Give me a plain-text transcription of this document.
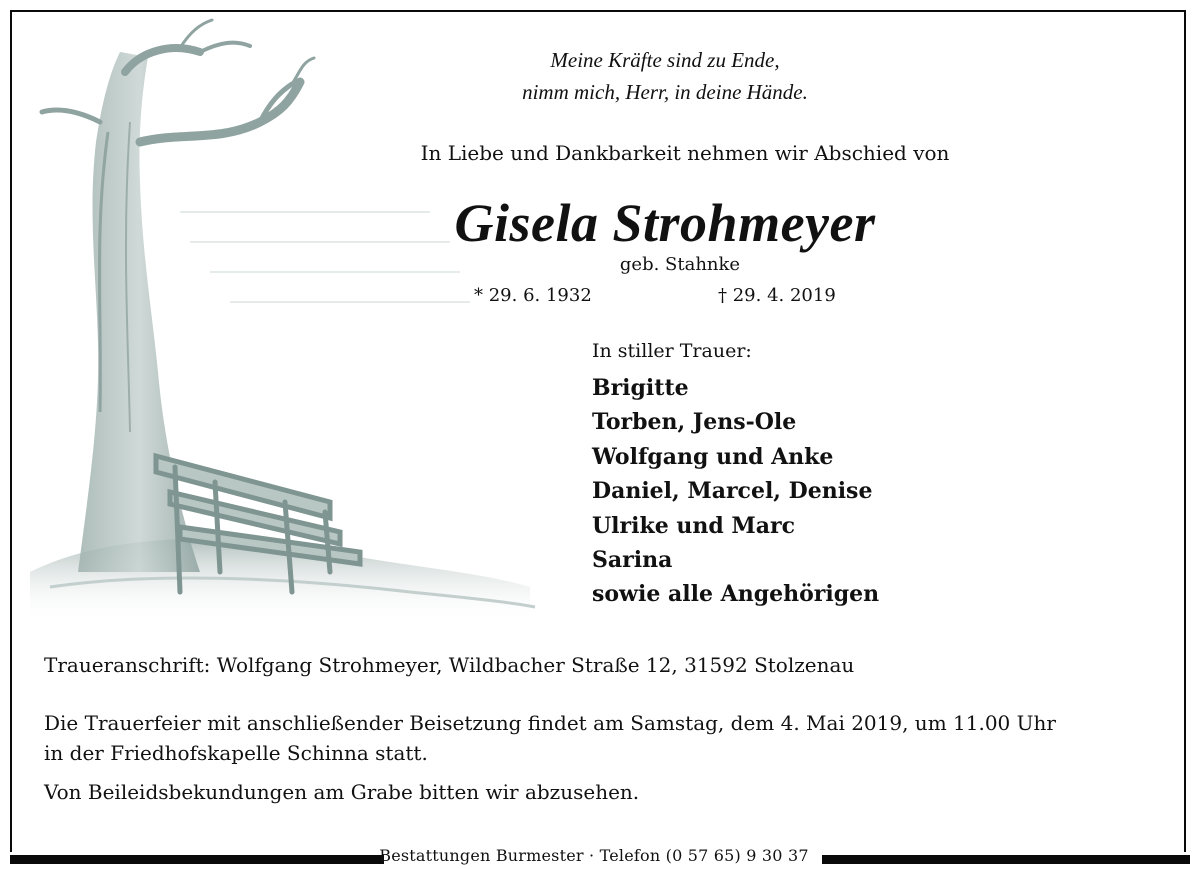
Meine Kräfte sind zu Ende,
nimm mich, Herr, in deine Hände.
In Liebe und Dankbarkeit nehmen wir Abschied von
Gisela Strohmeyer
geb. Stahnke
* 29. 6. 1932	† 29. 4. 2019
In stiller Trauer:
Brigitte
Torben, Jens-Ole
Wolfgang und Anke
Daniel, Marcel, Denise
Ulrike und Marc
Sarina
sowie alle Angehörigen
Traueranschrift: Wolfgang Strohmeyer, Wildbacher Straße 12, 31592 Stolzenau
Die Trauerfeier mit anschließender Beisetzung findet am Samstag, dem 4. Mai 2019, um 11.00 Uhr
in der Friedhofskapelle Schinna statt.
Von Beileidsbekundungen am Grabe bitten wir abzusehen.
Bestattungen Burmester · Telefon (0 57 65) 9 30 37
